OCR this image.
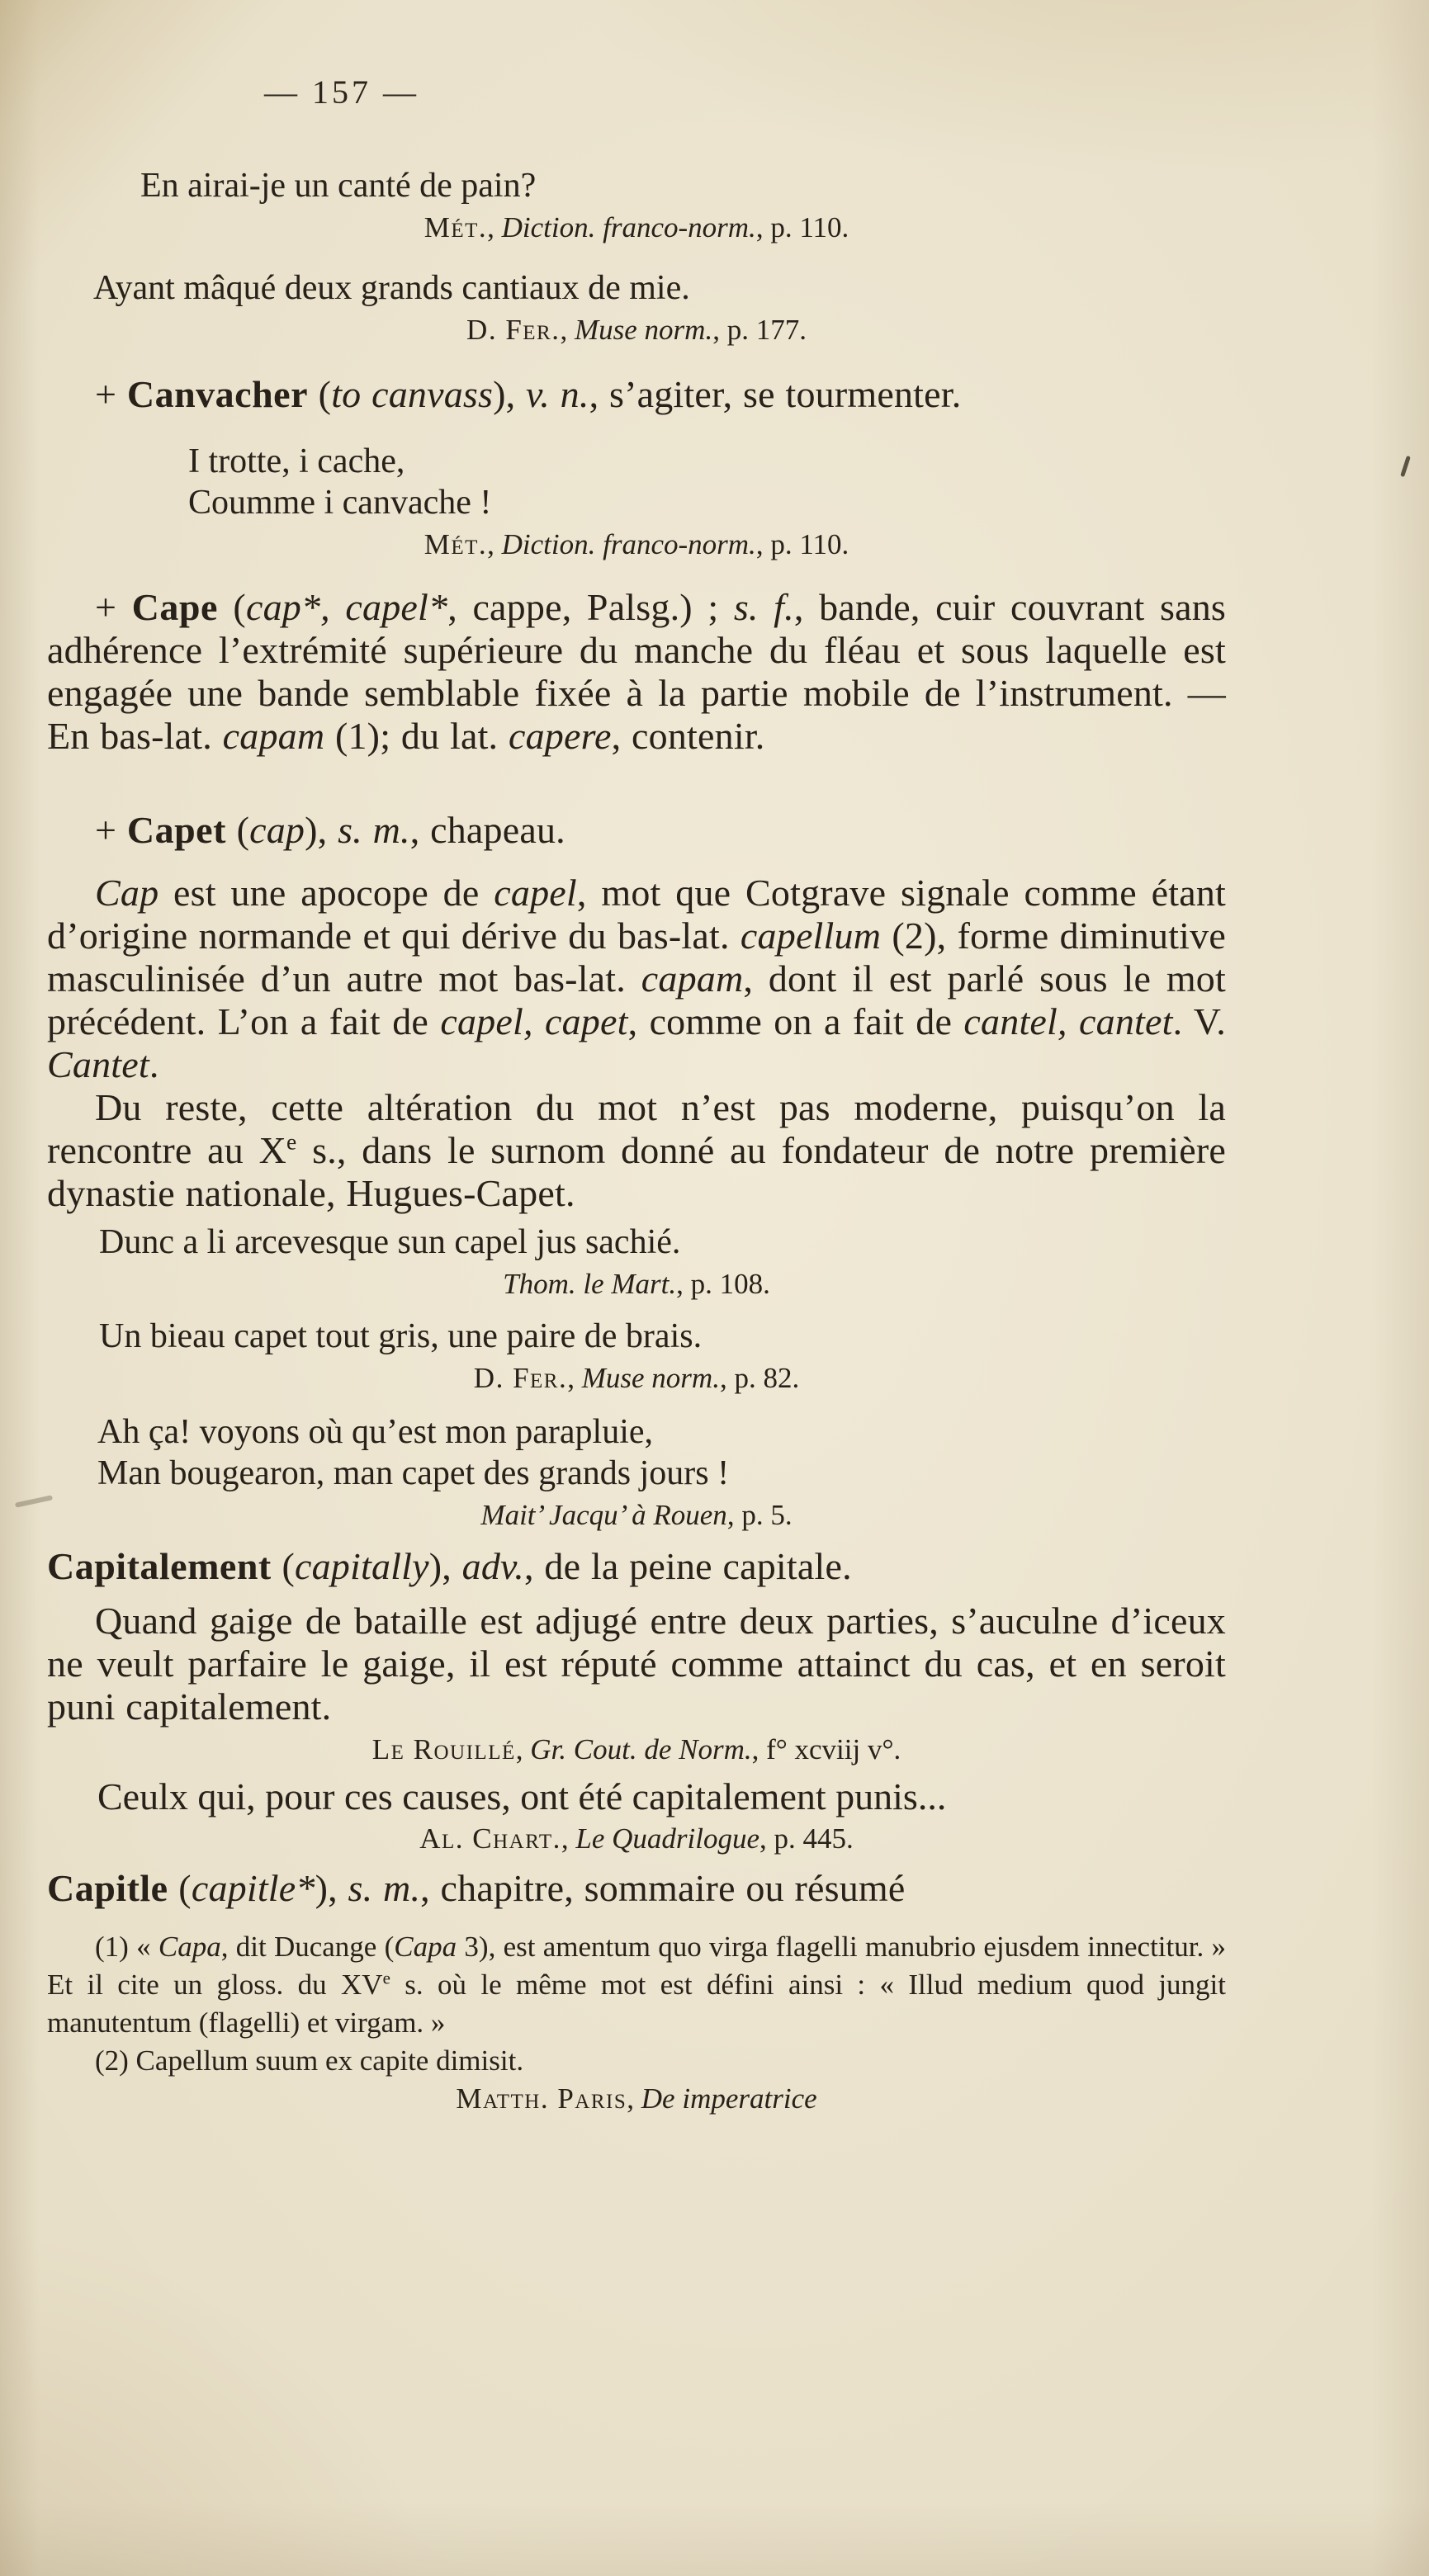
— 157 —
En airai-je un canté de pain?
Mét., Diction. franco-norm., p. 110.
Ayant mâqué deux grands cantiaux de mie.
D. Fer., Muse norm., p. 177.
+ Canvacher (to canvass), v. n., s’agiter, se tourmenter.
I trotte, i cache,
Coumme i canvache !
Mét., Diction. franco-norm., p. 110.
+ Cape (cap*, capel*, cappe, Palsg.) ; s. f., bande, cuir couvrant sans adhérence l’extrémité supérieure du manche du fléau et sous laquelle est engagée une bande semblable fixée à la partie mobile de l’instrument. — En bas-lat. capam (1); du lat. capere, contenir.
+ Capet (cap), s. m., chapeau.
Cap est une apocope de capel, mot que Cotgrave signale comme étant d’origine normande et qui dérive du bas-lat. capellum (2), forme diminutive masculinisée d’un autre mot bas-lat. capam, dont il est parlé sous le mot précédent. L’on a fait de capel, capet, comme on a fait de cantel, cantet. V. Cantet.
Du reste, cette altération du mot n’est pas moderne, puisqu’on la rencontre au Xe s., dans le surnom donné au fondateur de notre première dynastie nationale, Hugues-Capet.
Dunc a li arcevesque sun capel jus sachié.
Thom. le Mart., p. 108.
Un bieau capet tout gris, une paire de brais.
D. Fer., Muse norm., p. 82.
Ah ça! voyons où qu’est mon parapluie,
Man bougearon, man capet des grands jours !
Mait’ Jacqu’ à Rouen, p. 5.
Capitalement (capitally), adv., de la peine capitale.
Quand gaige de bataille est adjugé entre deux parties, s’auculne d’iceux ne veult parfaire le gaige, il est réputé comme attainct du cas, et en seroit puni capitalement.
Le Rouillé, Gr. Cout. de Norm., f° xcviij v°.
Ceulx qui, pour ces causes, ont été capitalement punis...
Al. Chart., Le Quadrilogue, p. 445.
Capitle (capitle*), s. m., chapitre, sommaire ou résumé
(1) « Capa, dit Ducange (Capa 3), est amentum quo virga flagelli manubrio ejusdem innectitur. » Et il cite un gloss. du XVe s. où le même mot est défini ainsi : « Illud medium quod jungit manutentum (flagelli) et virgam. »
(2) Capellum suum ex capite dimisit.
Matth. Paris, De imperatrice
